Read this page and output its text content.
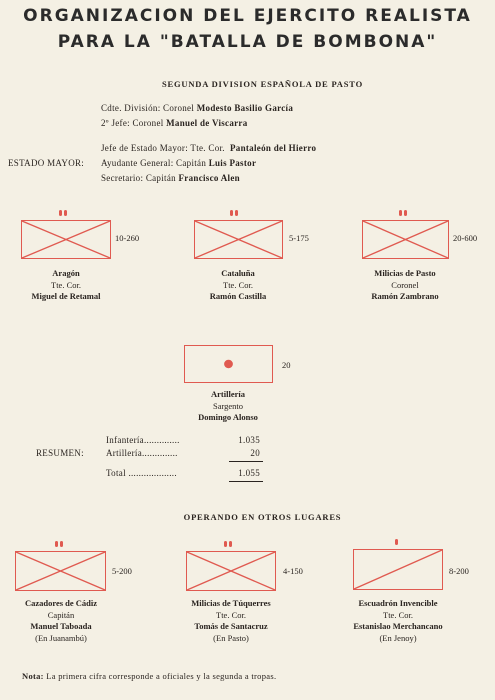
ORGANIZACION DEL EJERCITO REALISTA
PARA LA "BATALLA DE BOMBONA"
SEGUNDA DIVISION ESPAÑOLA DE PASTO
Cdte. División: Coronel Modesto Basilio García
2º Jefe: Coronel Manuel de Viscarra
Jefe de Estado Mayor: Tte. Cor. Pantaleón del Hierro
ESTADO MAYOR: Ayudante General: Capitán Luis Pastor
Secretario: Capitán Francisco Alen
10-260
Aragón
Tte. Cor.
Miguel de Retamal
5-175
Cataluña
Tte. Cor.
Ramón Castilla
20-600
Milicias de Pasto
Coronel
Ramón Zambrano
20
Artillería
Sargento
Domingo Alonso
RESUMEN:
Infantería..............	1.035
Artillería..............	20
Total ...................	1.055
OPERANDO EN OTROS LUGARES
5-200
Cazadores de Cádiz
Capitán
Manuel Taboada
(En Juanambú)
4-150
Milicias de Túquerres
Tte. Cor.
Tomás de Santacruz
(En Pasto)
8-200
Escuadrón Invencible
Tte. Cor.
Estanislao Merchancano
(En Jenoy)
Nota: La primera cifra corresponde a oficiales y la segunda a tropas.
